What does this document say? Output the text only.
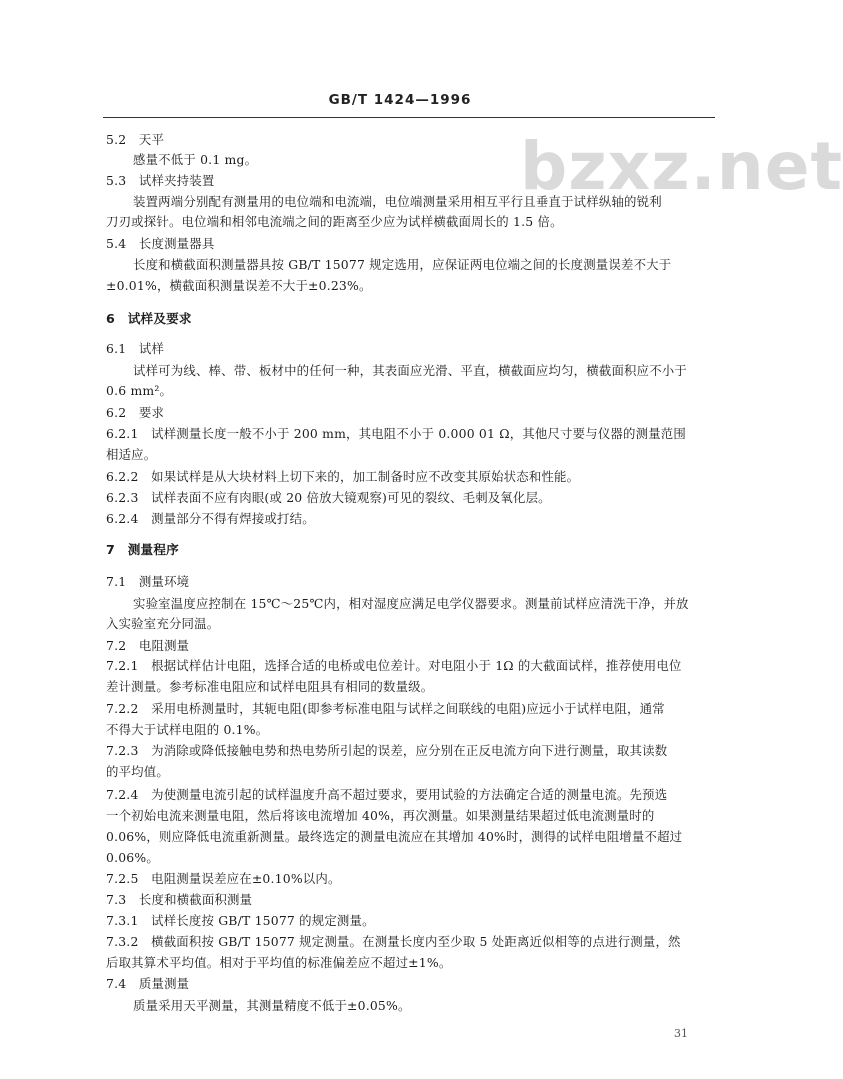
GB/T 1424—1996
bzxz.net
5.2　天平
感量不低于 0.1 mg。
5.3　试样夹持装置
装置两端分别配有测量用的电位端和电流端，电位端测量采用相互平行且垂直于试样纵轴的锐利
刀刃或探针。电位端和相邻电流端之间的距离至少应为试样横截面周长的 1.5 倍。
5.4　长度测量器具
长度和横截面积测量器具按 GB/T 15077 规定选用，应保证两电位端之间的长度测量误差不大于
±0.01%，横截面积测量误差不大于±0.23%。
6　试样及要求
6.1　试样
试样可为线、棒、带、板材中的任何一种，其表面应光滑、平直，横截面应均匀，横截面积应不小于
0.6 mm²。
6.2　要求
6.2.1　试样测量长度一般不小于 200 mm，其电阻不小于 0.000 01 Ω，其他尺寸要与仪器的测量范围
相适应。
6.2.2　如果试样是从大块材料上切下来的，加工制备时应不改变其原始状态和性能。
6.2.3　试样表面不应有肉眼(或 20 倍放大镜观察)可见的裂纹、毛刺及氧化层。
6.2.4　测量部分不得有焊接或打结。
7　测量程序
7.1　测量环境
实验室温度应控制在 15℃～25℃内，相对湿度应满足电学仪器要求。测量前试样应清洗干净，并放
入实验室充分同温。
7.2　电阻测量
7.2.1　根据试样估计电阻，选择合适的电桥或电位差计。对电阻小于 1Ω 的大截面试样，推荐使用电位
差计测量。参考标准电阻应和试样电阻具有相同的数量级。
7.2.2　采用电桥测量时，其轭电阻(即参考标准电阻与试样之间联线的电阻)应远小于试样电阻，通常
不得大于试样电阻的 0.1%。
7.2.3　为消除或降低接触电势和热电势所引起的误差，应分别在正反电流方向下进行测量，取其读数
的平均值。
7.2.4　为使测量电流引起的试样温度升高不超过要求，要用试验的方法确定合适的测量电流。先预选
一个初始电流来测量电阻，然后将该电流增加 40%，再次测量。如果测量结果超过低电流测量时的
0.06%，则应降低电流重新测量。最终选定的测量电流应在其增加 40%时，测得的试样电阻增量不超过
0.06%。
7.2.5　电阻测量误差应在±0.10%以内。
7.3　长度和横截面积测量
7.3.1　试样长度按 GB/T 15077 的规定测量。
7.3.2　横截面积按 GB/T 15077 规定测量。在测量长度内至少取 5 处距离近似相等的点进行测量，然
后取其算术平均值。相对于平均值的标准偏差应不超过±1%。
7.4　质量测量
质量采用天平测量，其测量精度不低于±0.05%。
31
